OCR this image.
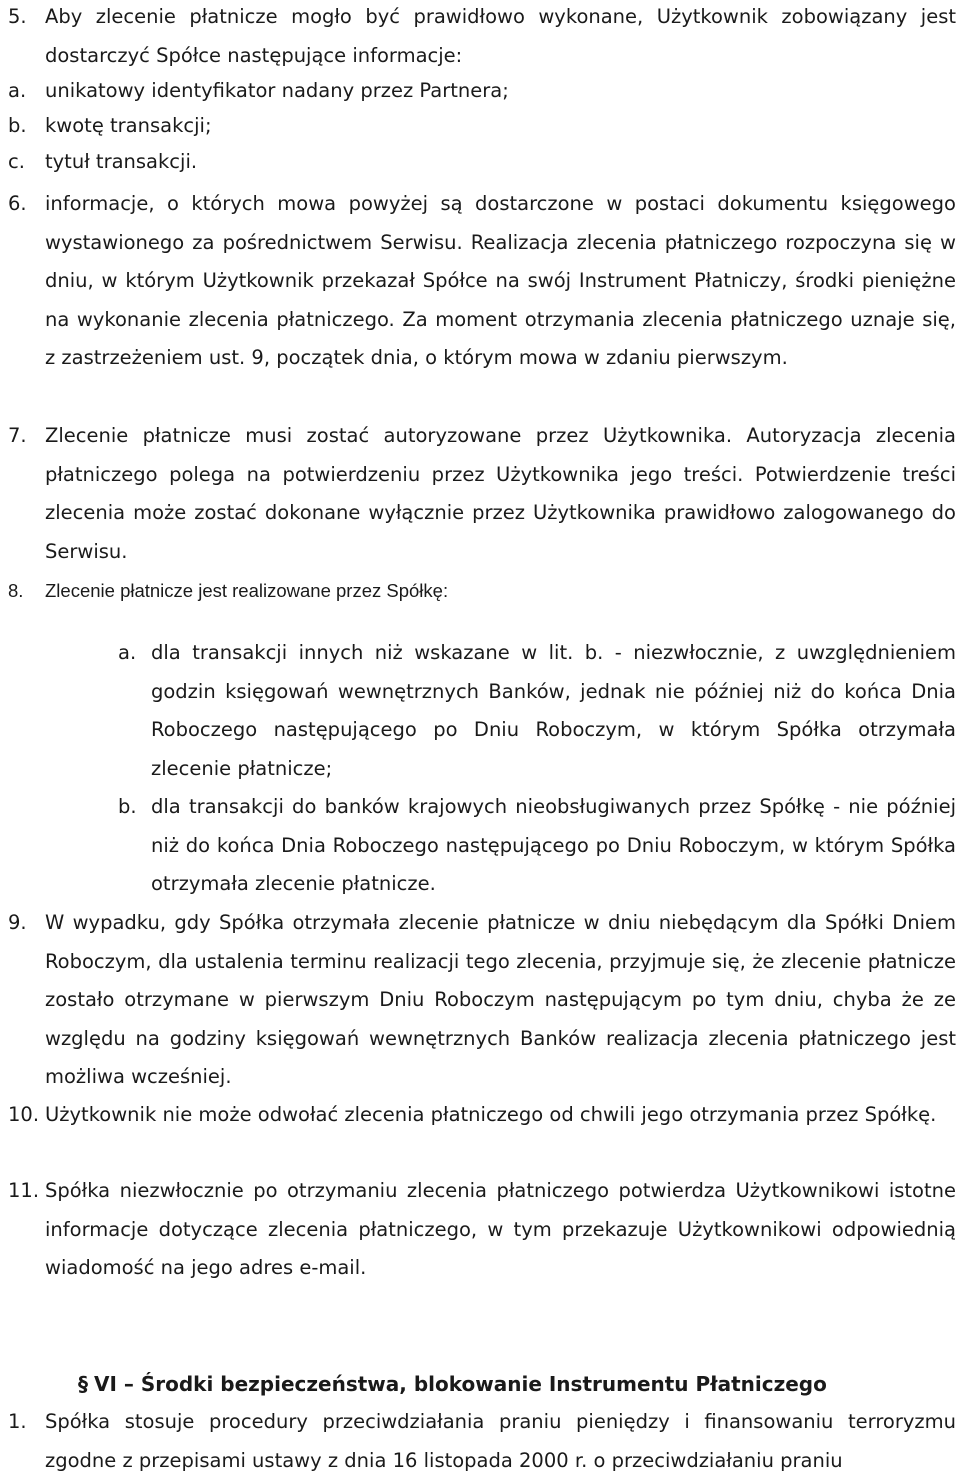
5. Aby zlecenie płatnicze mogło być prawidłowo wykonane, Użytkownik zobowiązany jest dostarczyć Spółce następujące informacje:
a. unikatowy identyfikator nadany przez Partnera;
b. kwotę transakcji;
c. tytuł transakcji.
6. informacje, o których mowa powyżej są dostarczone w postaci dokumentu księgowego wystawionego za pośrednictwem Serwisu. Realizacja zlecenia płatniczego rozpoczyna się w dniu, w którym Użytkownik przekazał Spółce na swój Instrument Płatniczy, środki pieniężne na wykonanie zlecenia płatniczego. Za moment otrzymania zlecenia płatniczego uznaje się, z zastrzeżeniem ust. 9, początek dnia, o którym mowa w zdaniu pierwszym.
7. Zlecenie płatnicze musi zostać autoryzowane przez Użytkownika. Autoryzacja zlecenia płatniczego polega na potwierdzeniu przez Użytkownika jego treści. Potwierdzenie treści zlecenia może zostać dokonane wyłącznie przez Użytkownika prawidłowo zalogowanego do Serwisu.
8. Zlecenie płatnicze jest realizowane przez Spółkę:
a. dla transakcji innych niż wskazane w lit. b. - niezwłocznie, z uwzględnieniem godzin księgowań wewnętrznych Banków, jednak nie później niż do końca Dnia Roboczego następującego po Dniu Roboczym, w którym Spółka otrzymała zlecenie płatnicze;
b. dla transakcji do banków krajowych nieobsługiwanych przez Spółkę - nie później niż do końca Dnia Roboczego następującego po Dniu Roboczym, w którym Spółka otrzymała zlecenie płatnicze.
9. W wypadku, gdy Spółka otrzymała zlecenie płatnicze w dniu niebędącym dla Spółki Dniem Roboczym, dla ustalenia terminu realizacji tego zlecenia, przyjmuje się, że zlecenie płatnicze zostało otrzymane w pierwszym Dniu Roboczym następującym po tym dniu, chyba że ze względu na godziny księgowań wewnętrznych Banków realizacja zlecenia płatniczego jest możliwa wcześniej.
10. Użytkownik nie może odwołać zlecenia płatniczego od chwili jego otrzymania przez Spółkę.
11. Spółka niezwłocznie po otrzymaniu zlecenia płatniczego potwierdza Użytkownikowi istotne informacje dotyczące zlecenia płatniczego, w tym przekazuje Użytkownikowi odpowiednią wiadomość na jego adres e-mail.
§ VI – Środki bezpieczeństwa, blokowanie Instrumentu Płatniczego
1. Spółka stosuje procedury przeciwdziałania praniu pieniędzy i finansowaniu terroryzmu zgodne z przepisami ustawy z dnia 16 listopada 2000 r. o przeciwdziałaniu praniu
